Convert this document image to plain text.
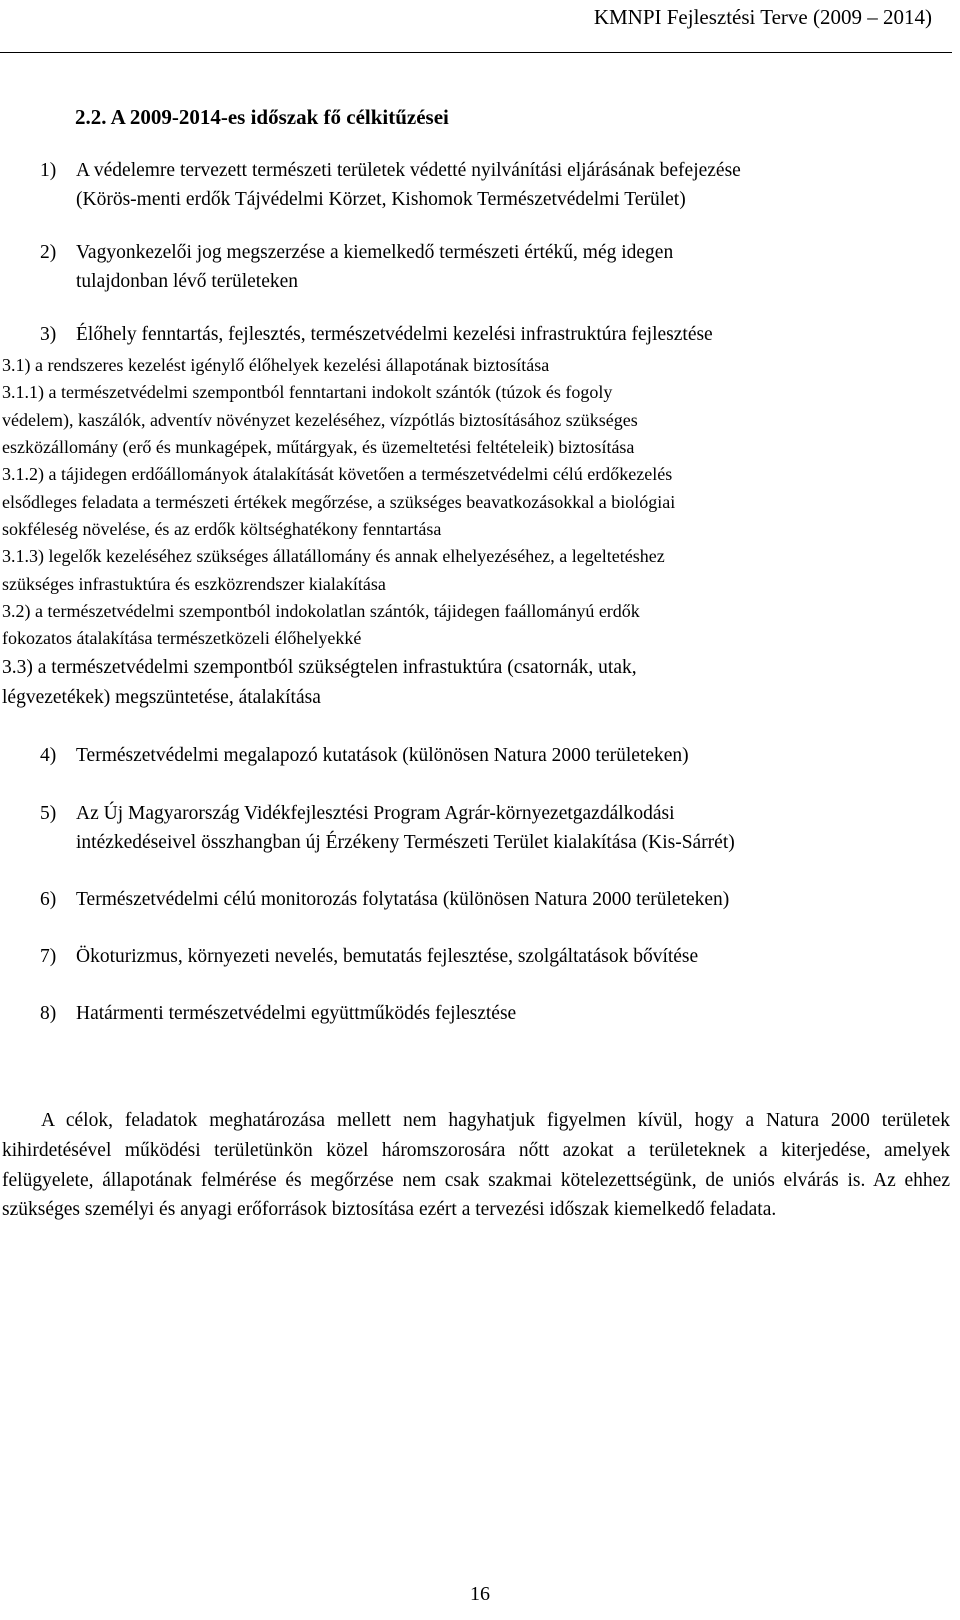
KMNPI Fejlesztési Terve (2009 – 2014)
2.2. A 2009-2014-es időszak fő célkitűzései
1) A védelemre tervezett természeti területek védetté nyilvánítási eljárásának befejezése
(Körös-menti erdők Tájvédelmi Körzet, Kishomok Természetvédelmi Terület)
2) Vagyonkezelői jog megszerzése a kiemelkedő természeti értékű, még idegen
tulajdonban lévő területeken
3) Élőhely fenntartás, fejlesztés, természetvédelmi kezelési infrastruktúra fejlesztése
3.1) a rendszeres kezelést igénylő élőhelyek kezelési állapotának biztosítása
3.1.1) a természetvédelmi szempontból fenntartani indokolt szántók (túzok és fogoly
védelem), kaszálók, adventív növényzet kezeléséhez, vízpótlás biztosításához szükséges
eszközállomány (erő és munkagépek, műtárgyak, és üzemeltetési feltételeik) biztosítása
3.1.2) a tájidegen erdőállományok átalakítását követően a természetvédelmi célú erdőkezelés
elsődleges feladata a természeti értékek megőrzése, a szükséges beavatkozásokkal a biológiai
sokféleség növelése, és az erdők költséghatékony fenntartása
3.1.3) legelők kezeléséhez szükséges állatállomány és annak elhelyezéséhez, a legeltetéshez
szükséges infrastuktúra és eszközrendszer kialakítása
3.2) a természetvédelmi szempontból indokolatlan szántók, tájidegen faállományú erdők
fokozatos átalakítása természetközeli élőhelyekké
3.3) a természetvédelmi szempontból szükségtelen infrastuktúra (csatornák, utak,
légvezetékek) megszüntetése, átalakítása
4) Természetvédelmi megalapozó kutatások (különösen Natura 2000 területeken)
5) Az Új Magyarország Vidékfejlesztési Program Agrár-környezetgazdálkodási
intézkedéseivel összhangban új Érzékeny Természeti Terület kialakítása (Kis-Sárrét)
6) Természetvédelmi célú monitorozás folytatása (különösen Natura 2000 területeken)
7) Ökoturizmus, környezeti nevelés, bemutatás fejlesztése, szolgáltatások bővítése
8) Határmenti természetvédelmi együttműködés fejlesztése

A célok, feladatok meghatározása mellett nem hagyhatjuk figyelmen kívül, hogy a Natura 2000 területek kihirdetésével működési területünkön közel háromszorosára nőtt azokat a területeknek a kiterjedése, amelyek felügyelete, állapotának felmérése és megőrzése nem csak szakmai kötelezettségünk, de uniós elvárás is. Az ehhez szükséges személyi és anyagi erőforrások biztosítása ezért a tervezési időszak kiemelkedő feladata.

16
